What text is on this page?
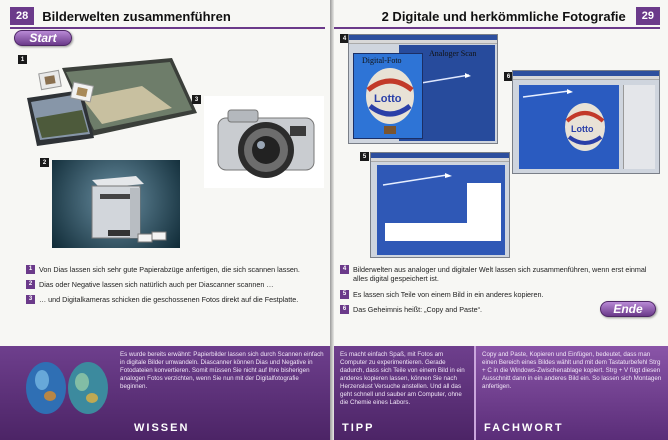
28	Bilderwelten zusammenführen
Start
1
3
2
1 Von Dias lassen sich sehr gute Papierabzüge anfertigen, die sich scannen lassen.
2 Dias oder Negative lassen sich natürlich auch per Diascanner scannen …
3 … und Digitalkameras schicken die geschossenen Fotos direkt auf die Festplatte.
Es wurde bereits erwähnt: Papierbilder lassen sich durch Scannen einfach in digitale Bilder umwandeln. Diascanner können Dias und Negative in Fotodateien konvertieren. Somit müssen Sie nicht auf Ihre bisherigen analogen Fotos verzichten, wenn Sie nun mit der Digitalfotografie beginnen.
WISSEN
2 Digitale und herkömmliche Fotografie	29
4
Analoger Scan
Digital-Foto
Lotto
6
Lotto
5
4 Bilderwelten aus analoger und digitaler Welt lassen sich zusammenführen, wenn erst einmal alles digital gespeichert ist.
5 Es lassen sich Teile von einem Bild in ein anderes kopieren.
6 Das Geheimnis heißt: „Copy and Paste“.	Ende
Es macht einfach Spaß, mit Fotos am Computer zu experimentieren. Gerade dadurch, dass sich Teile von einem Bild in ein anderes kopieren lassen, können Sie nach Herzenslust Versuche anstellen. Und all das geht schnell und sauber am Computer, ohne die Chemie eines Labors.
TIPP
Copy and Paste, Kopieren und Einfügen, bedeutet, dass man einen Bereich eines Bildes wählt und mit dem Tastaturbefehl Strg + C in die Windows-Zwischenablage kopiert. Strg + V fügt diesen Ausschnitt dann in ein anderes Bild ein. So lassen sich Montagen anfertigen.
FACHWORT
